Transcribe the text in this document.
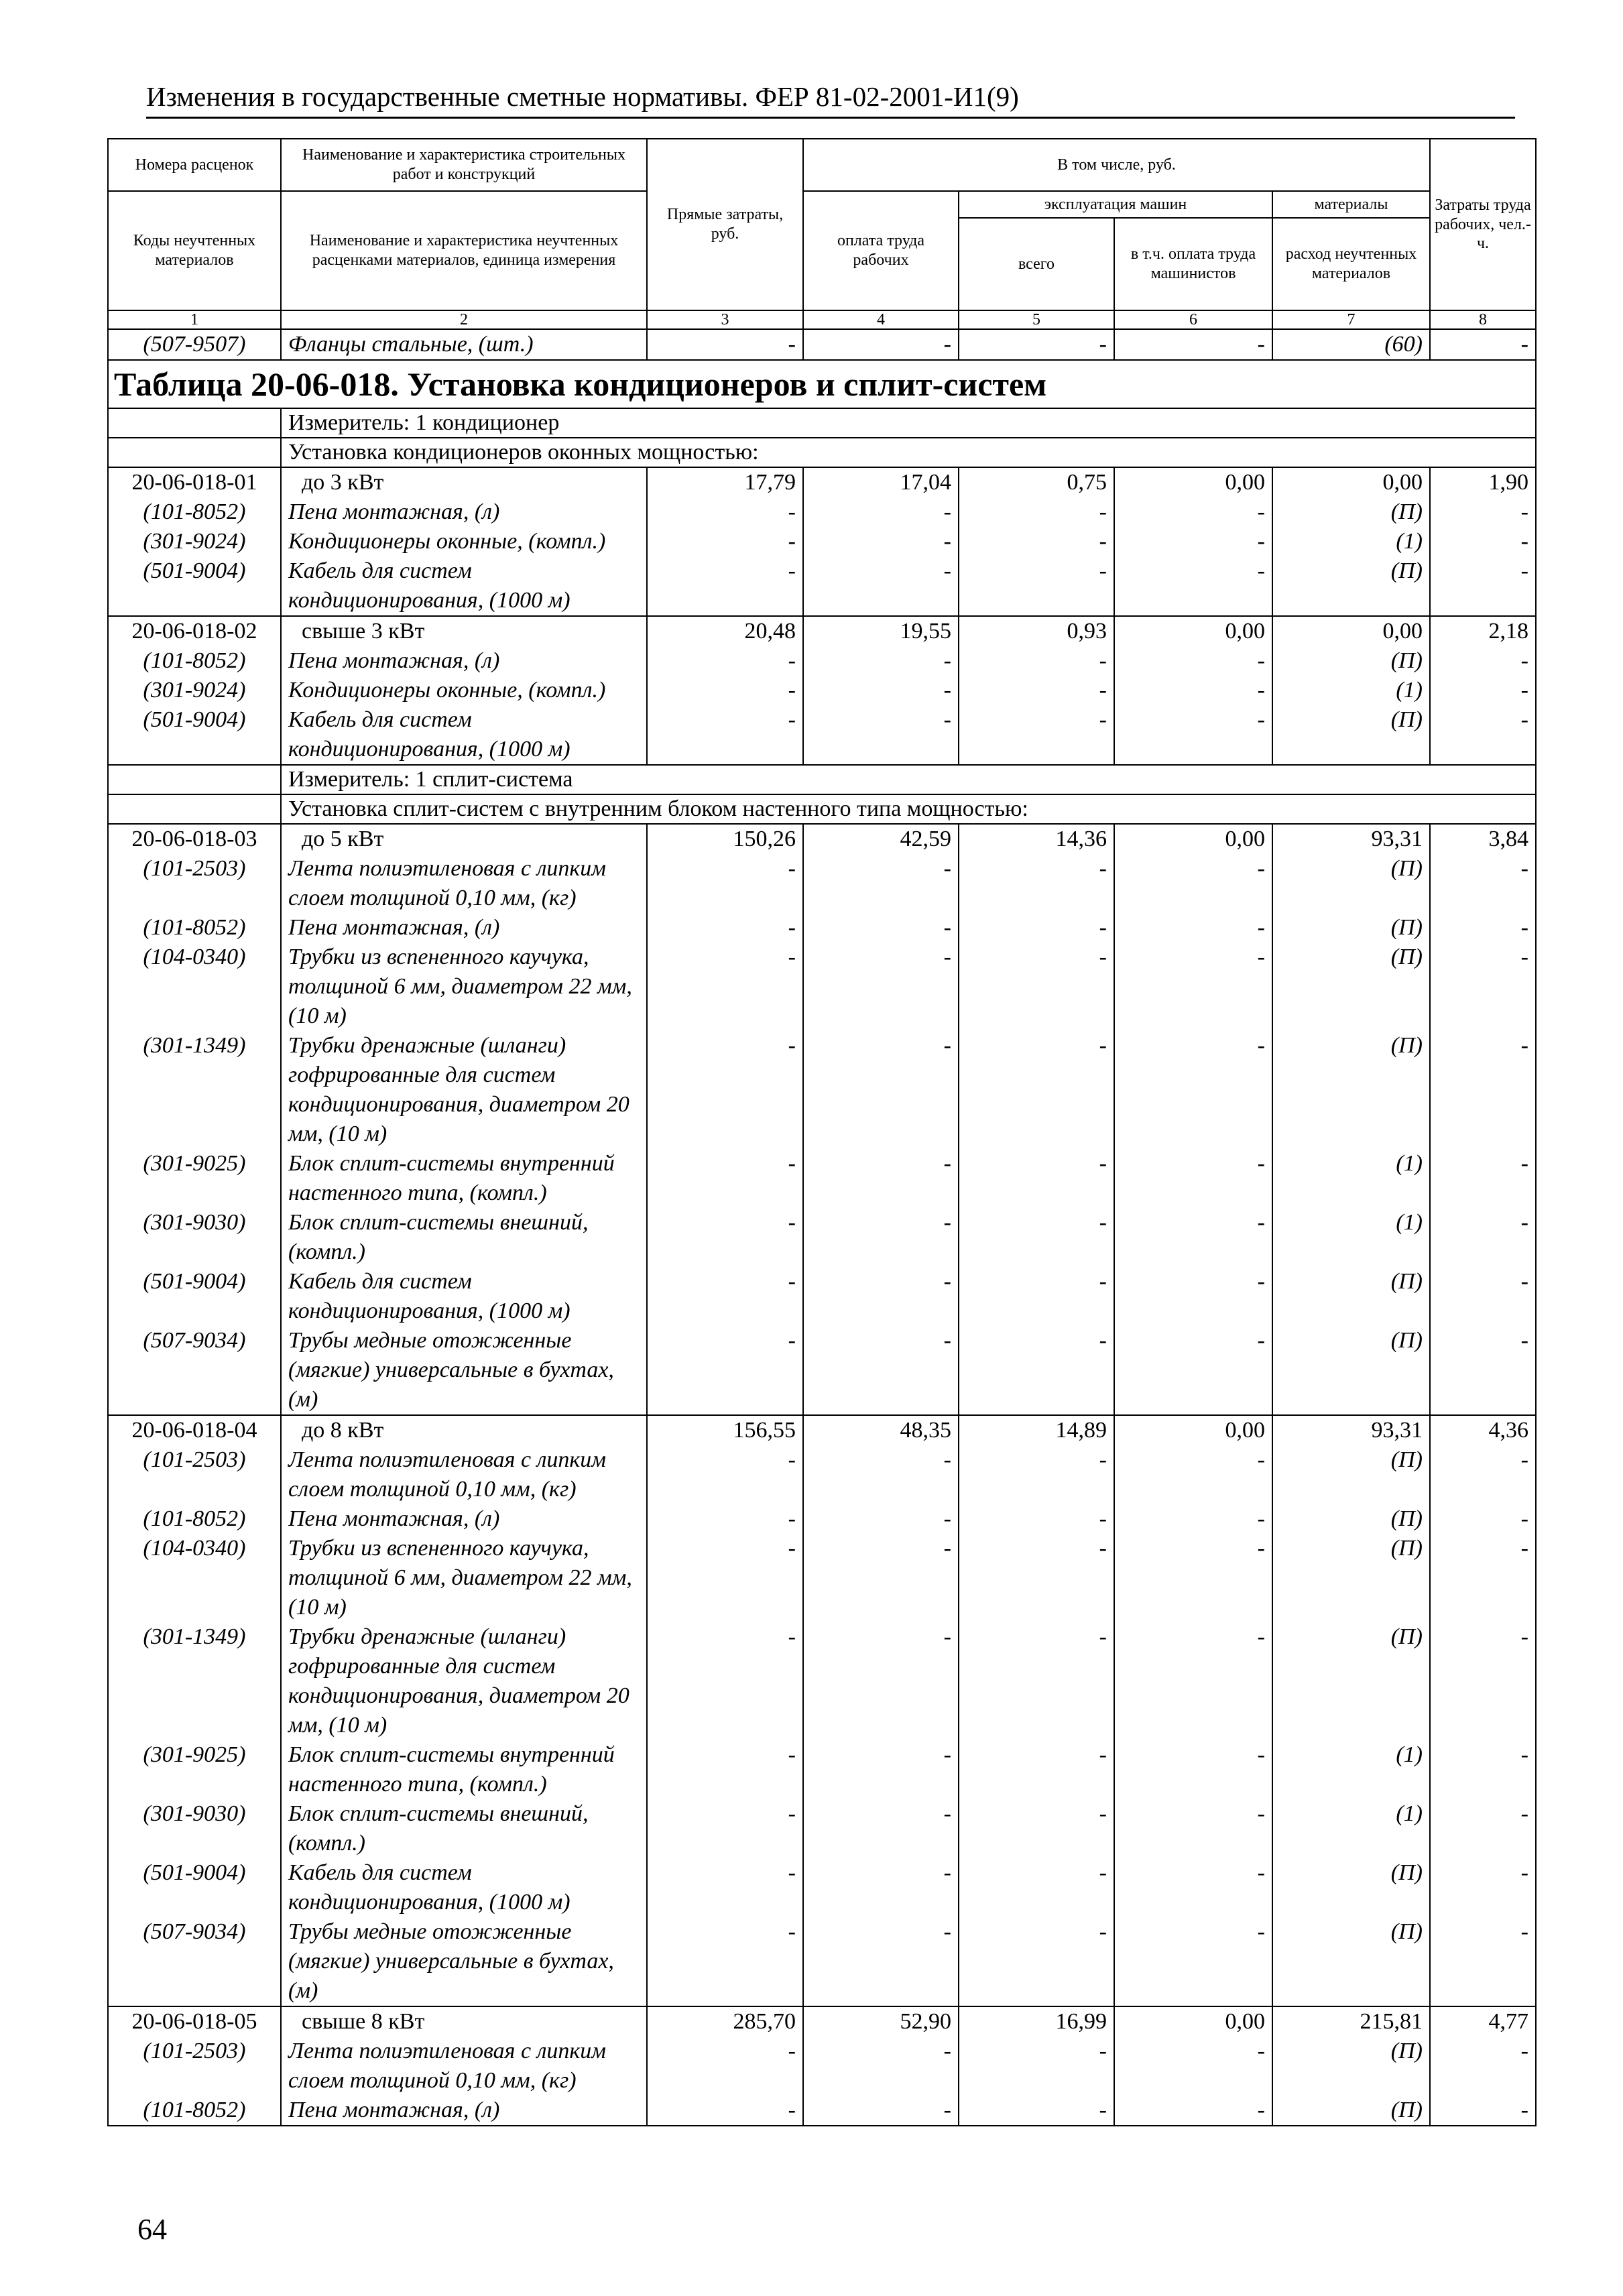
Изменения в государственные сметные нормативы. ФЕР 81-02-2001-И1(9)
Номера расценок	Наименование и характеристика строительных работ и конструкций	Прямые затраты, руб.	В том числе, руб.				Затраты труда рабочих, чел.-ч.
Коды неучтенных материалов	Наименование и характеристика неучтенных расценками материалов, единица измерения		оплата труда рабочих	эксплуатация машин		материалы	
				всего	в т.ч. оплата труда машинистов	расход неучтенных материалов	
1	2	3	4	5	6	7	8
(507-9507)	Фланцы стальные, (шт.)	-	-	-	-	(60)	-
Таблица 20-06-018. Установка кондиционеров и сплит-систем							
	Измеритель: 1 кондиционер						
	Установка кондиционеров оконных мощностью:						
20-06-018-01	до 3 кВт	17,79	17,04	0,75	0,00	0,00	1,90
(101-8052)	Пена монтажная, (л)	-	-	-	-	(П)	-
(301-9024)	Кондиционеры оконные, (компл.)	-	-	-	-	(1)	-
(501-9004)	Кабель для систем кондиционирования, (1000 м)	-	-	-	-	(П)	-
20-06-018-02	свыше 3 кВт	20,48	19,55	0,93	0,00	0,00	2,18
(101-8052)	Пена монтажная, (л)	-	-	-	-	(П)	-
(301-9024)	Кондиционеры оконные, (компл.)	-	-	-	-	(1)	-
(501-9004)	Кабель для систем кондиционирования, (1000 м)	-	-	-	-	(П)	-
	Измеритель: 1 сплит-система						
	Установка сплит-систем с внутренним блоком настенного типа мощностью:						
20-06-018-03	до 5 кВт	150,26	42,59	14,36	0,00	93,31	3,84
(101-2503)	Лента полиэтиленовая с липким слоем толщиной 0,10 мм, (кг)	-	-	-	-	(П)	-
(101-8052)	Пена монтажная, (л)	-	-	-	-	(П)	-
(104-0340)	Трубки из вспененного каучука, толщиной 6 мм, диаметром 22 мм, (10 м)	-	-	-	-	(П)	-
(301-1349)	Трубки дренажные (шланги) гофрированные для систем кондиционирования, диаметром 20 мм, (10 м)	-	-	-	-	(П)	-
(301-9025)	Блок сплит-системы внутренний настенного типа, (компл.)	-	-	-	-	(1)	-
(301-9030)	Блок сплит-системы внешний, (компл.)	-	-	-	-	(1)	-
(501-9004)	Кабель для систем кондиционирования, (1000 м)	-	-	-	-	(П)	-
(507-9034)	Трубы медные отожженные (мягкие) универсальные в бухтах, (м)	-	-	-	-	(П)	-
20-06-018-04	до 8 кВт	156,55	48,35	14,89	0,00	93,31	4,36
(101-2503)	Лента полиэтиленовая с липким слоем толщиной 0,10 мм, (кг)	-	-	-	-	(П)	-
(101-8052)	Пена монтажная, (л)	-	-	-	-	(П)	-
(104-0340)	Трубки из вспененного каучука, толщиной 6 мм, диаметром 22 мм, (10 м)	-	-	-	-	(П)	-
(301-1349)	Трубки дренажные (шланги) гофрированные для систем кондиционирования, диаметром 20 мм, (10 м)	-	-	-	-	(П)	-
(301-9025)	Блок сплит-системы внутренний настенного типа, (компл.)	-	-	-	-	(1)	-
(301-9030)	Блок сплит-системы внешний, (компл.)	-	-	-	-	(1)	-
(501-9004)	Кабель для систем кондиционирования, (1000 м)	-	-	-	-	(П)	-
(507-9034)	Трубы медные отожженные (мягкие) универсальные в бухтах, (м)	-	-	-	-	(П)	-
20-06-018-05	свыше 8 кВт	285,70	52,90	16,99	0,00	215,81	4,77
(101-2503)	Лента полиэтиленовая с липким слоем толщиной 0,10 мм, (кг)	-	-	-	-	(П)	-
(101-8052)	Пена монтажная, (л)	-	-	-	-	(П)	-
64
